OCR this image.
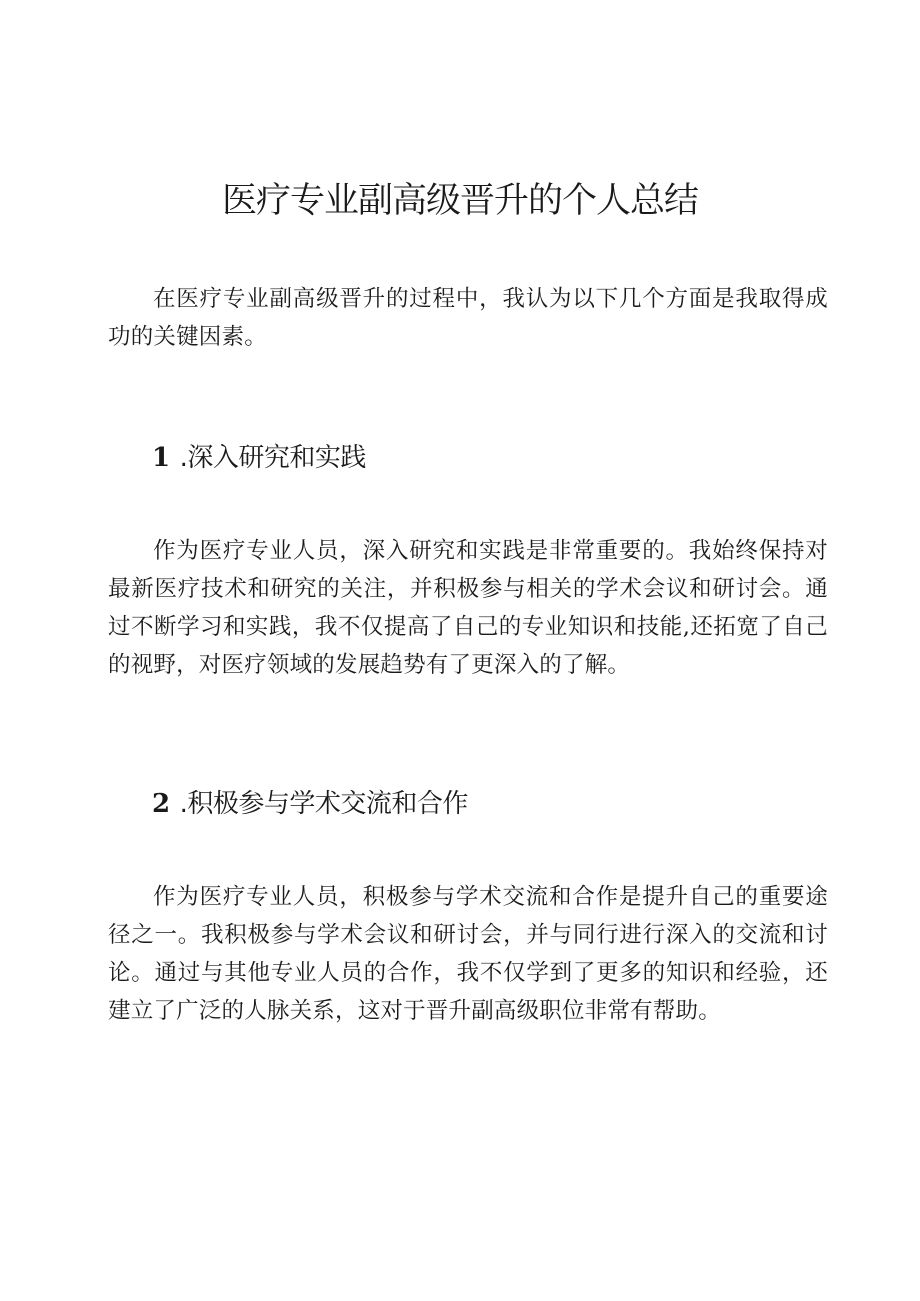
医疗专业副高级晋升的个人总结

在医疗专业副高级晋升的过程中，我认为以下几个方面是我取得成功的关键因素。

1 .深入研究和实践

作为医疗专业人员，深入研究和实践是非常重要的。我始终保持对最新医疗技术和研究的关注，并积极参与相关的学术会议和研讨会。通过不断学习和实践，我不仅提高了自己的专业知识和技能,还拓宽了自己的视野，对医疗领域的发展趋势有了更深入的了解。

2 .积极参与学术交流和合作

作为医疗专业人员，积极参与学术交流和合作是提升自己的重要途径之一。我积极参与学术会议和研讨会，并与同行进行深入的交流和讨论。通过与其他专业人员的合作，我不仅学到了更多的知识和经验，还建立了广泛的人脉关系，这对于晋升副高级职位非常有帮助。
